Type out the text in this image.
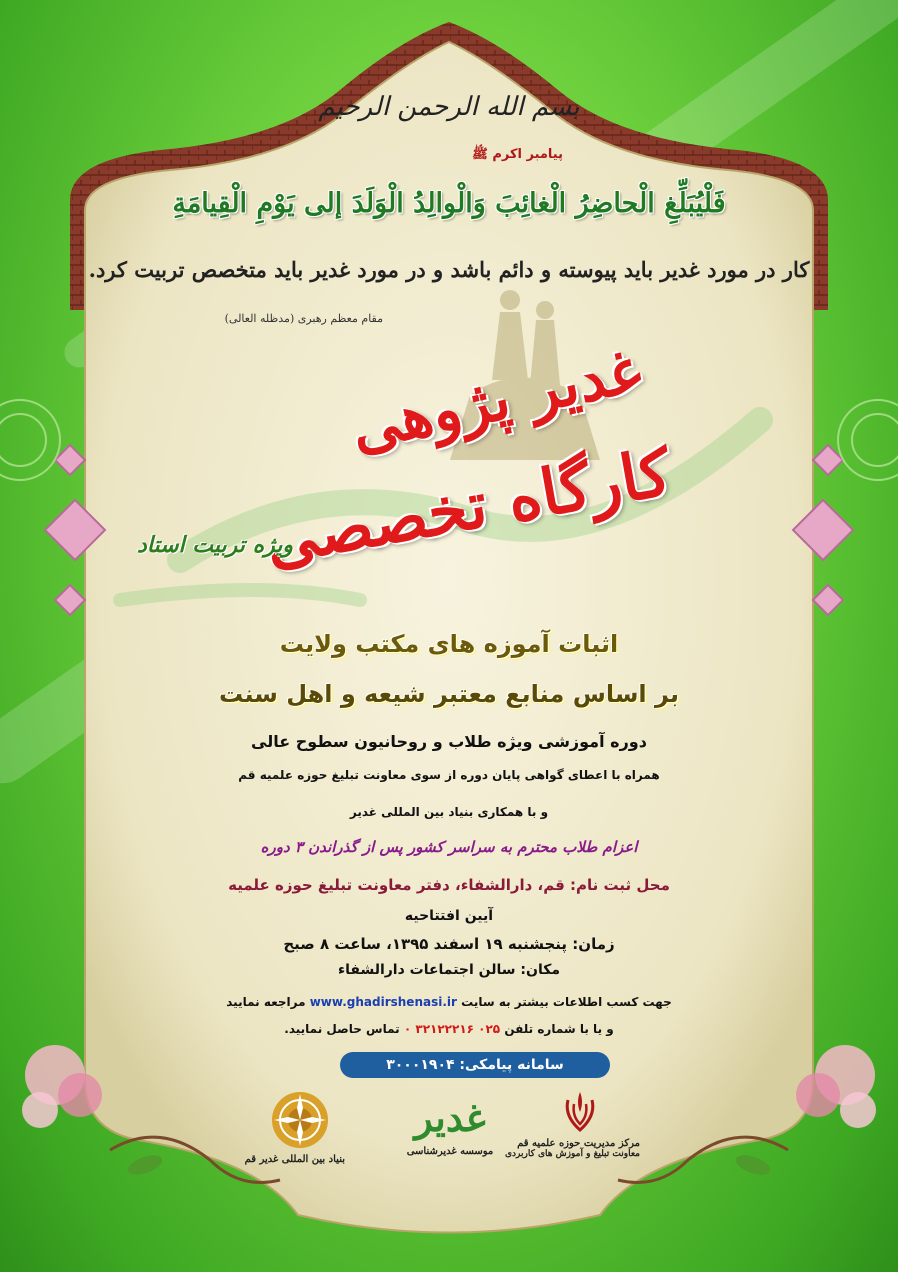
بسم الله الرحمن الرحیم
پیامبر اکرم ﷺ
فَلْيُبَلِّغِ الْحاضِرُ الْغائِبَ وَالْوالِدُ الْوَلَدَ إلى يَوْمِ الْقِيامَةِ
کار در مورد غدیر باید پیوسته و دائم باشد و در مورد غدیر باید متخصص تربیت کرد.
مقام معظم رهبری (مدظله العالی)
غدیر پژوهی
کارگاه تخصصی
ویژه تربیت استاد
اثبات آموزه های مکتب ولایت
بر اساس منابع معتبر شیعه و اهل سنت
دوره آموزشی ویژه طلاب و روحانیون سطوح عالی
همراه با اعطای گواهی پایان دوره از سوی معاونت تبلیغ حوزه علمیه قم
و با همکاری بنیاد بین المللی غدیر
اعزام طلاب محترم به سراسر کشور پس از گذراندن ۳ دوره
محل ثبت نام: قم، دارالشفاء، دفتر معاونت تبلیغ حوزه علمیه
آیین افتتاحیه
زمان: پنجشنبه ۱۹ اسفند ۱۳۹۵، ساعت ۸ صبح
مکان: سالن اجتماعات دارالشفاء
جهت کسب اطلاعات بیشتر به سایت www.ghadirshenasi.ir مراجعه نمایید
و یا با شماره تلفن ۰۲۵ ۳۲۱۲۲۲۱۶ ۰ تماس حاصل نمایید.
سامانه پیامکی: ۳۰۰۰۱۹۰۴
بنیاد بین المللی غدیر قم
غدیر
موسسه غدیرشناسی
مرکز مدیریت حوزه علمیه قم
معاونت تبلیغ و آموزش های کاربردی
